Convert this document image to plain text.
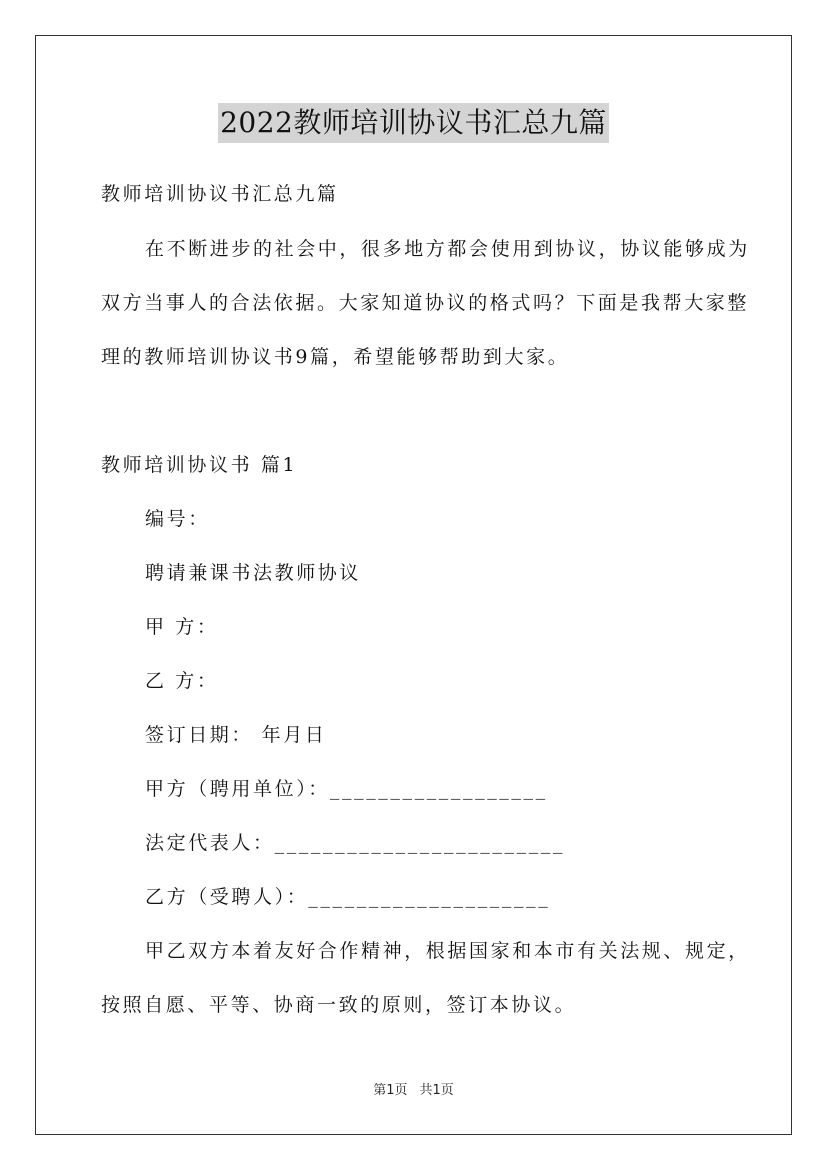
2022教师培训协议书汇总九篇
教师培训协议书汇总九篇
在不断进步的社会中，很多地方都会使用到协议，协议能够成为
双方当事人的合法依据。大家知道协议的格式吗？下面是我帮大家整
理的教师培训协议书9篇，希望能够帮助到大家。
教师培训协议书 篇1
编号：
聘请兼课书法教师协议
甲 方：
乙 方：
签订日期： 年月日
甲方（聘用单位）：__________________
法定代表人：________________________
乙方（受聘人）：____________________
甲乙双方本着友好合作精神，根据国家和本市有关法规、规定，
按照自愿、平等、协商一致的原则，签订本协议。
第1页 共1页
